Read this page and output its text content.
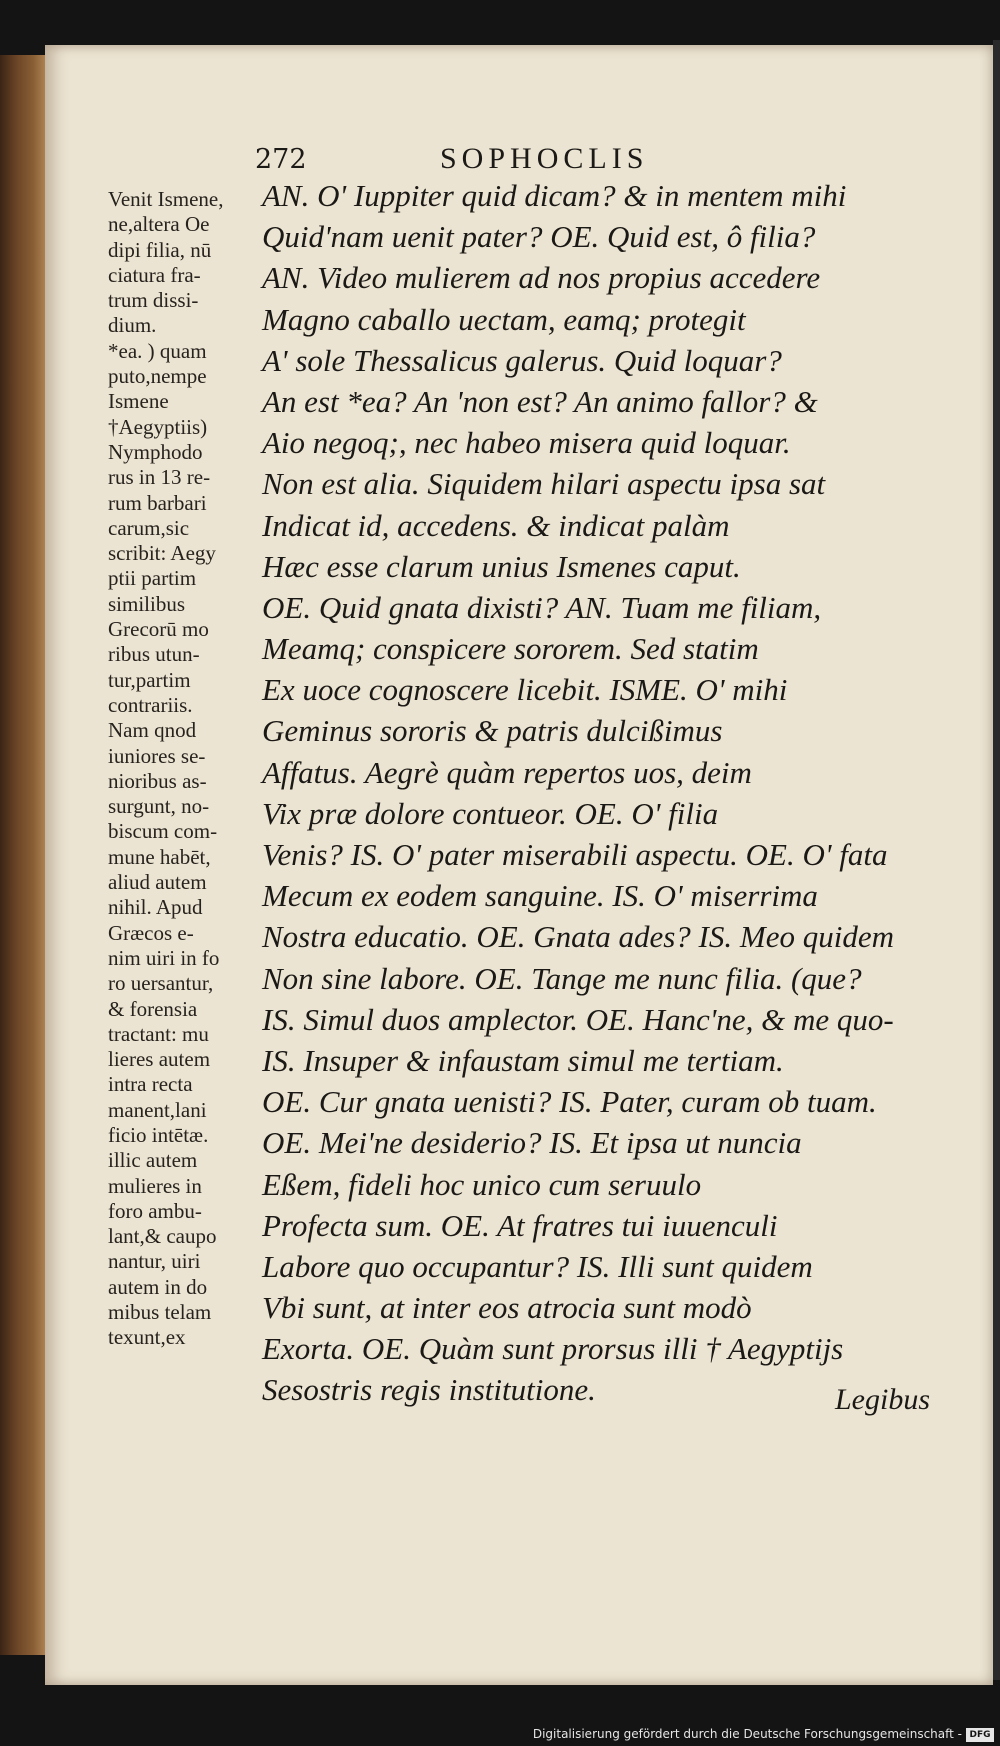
272	SOPHOCLIS
Venit Ismene,
ne,altera Oe
dipi filia, nū
ciatura fra-
trum dissi-
dium.
*ea. ) quam
puto,nempe
Ismene
†Aegyptiis)
Nymphodo
rus in 13 re-
rum barbari
carum,sic
scribit: Aegy
ptii partim
similibus
Grecorū mo
ribus utun-
tur,partim
contrariis.
Nam qnod
iuniores se-
nioribus as-
surgunt, no-
biscum com-
mune habēt,
aliud autem
nihil. Apud
Græcos e-
nim uiri in fo
ro uersantur,
& forensia
tractant: mu
lieres autem
intra recta
manent,lani
ficio intētæ.
illic autem
mulieres in
foro ambu-
lant,& caupo
nantur, uiri
autem in do
mibus telam
texunt,ex
AN. O' Iuppiter quid dicam? & in mentem mihi
Quid'nam uenit pater? OE. Quid est, ô filia?
AN. Video mulierem ad nos propius accedere
Magno caballo uectam, eamq; protegit
A' sole Thessalicus galerus. Quid loquar?
An est *ea? An 'non est? An animo fallor? &
Aio negoq;, nec habeo misera quid loquar.
Non est alia. Siquidem hilari aspectu ipsa sat
Indicat id, accedens. & indicat palàm
Hæc esse clarum unius Ismenes caput.
OE. Quid gnata dixisti? AN. Tuam me filiam,
Meamq; conspicere sororem. Sed statim
Ex uoce cognoscere licebit. ISME. O' mihi
Geminus sororis & patris dulcißimus
Affatus. Aegrè quàm repertos uos, deim
Vix præ dolore contueor. OE. O' filia
Venis? IS. O' pater miserabili aspectu. OE. O' fata
Mecum ex eodem sanguine. IS. O' miserrima
Nostra educatio. OE. Gnata ades? IS. Meo quidem
Non sine labore. OE. Tange me nunc filia. (que?
IS. Simul duos amplector. OE. Hanc'ne, & me quo-
IS. Insuper & infaustam simul me tertiam.
OE. Cur gnata uenisti? IS. Pater, curam ob tuam.
OE. Mei'ne desiderio? IS. Et ipsa ut nuncia
Eßem, fideli hoc unico cum seruulo
Profecta sum. OE. At fratres tui iuuenculi
Labore quo occupantur? IS. Illi sunt quidem
Vbi sunt, at inter eos atrocia sunt modò
Exorta. OE. Quàm sunt prorsus illi † Aegyptijs
Sesostris regis institutione.	Legibus
Digitalisierung gefördert durch die Deutsche Forschungsgemeinschaft - DFG
